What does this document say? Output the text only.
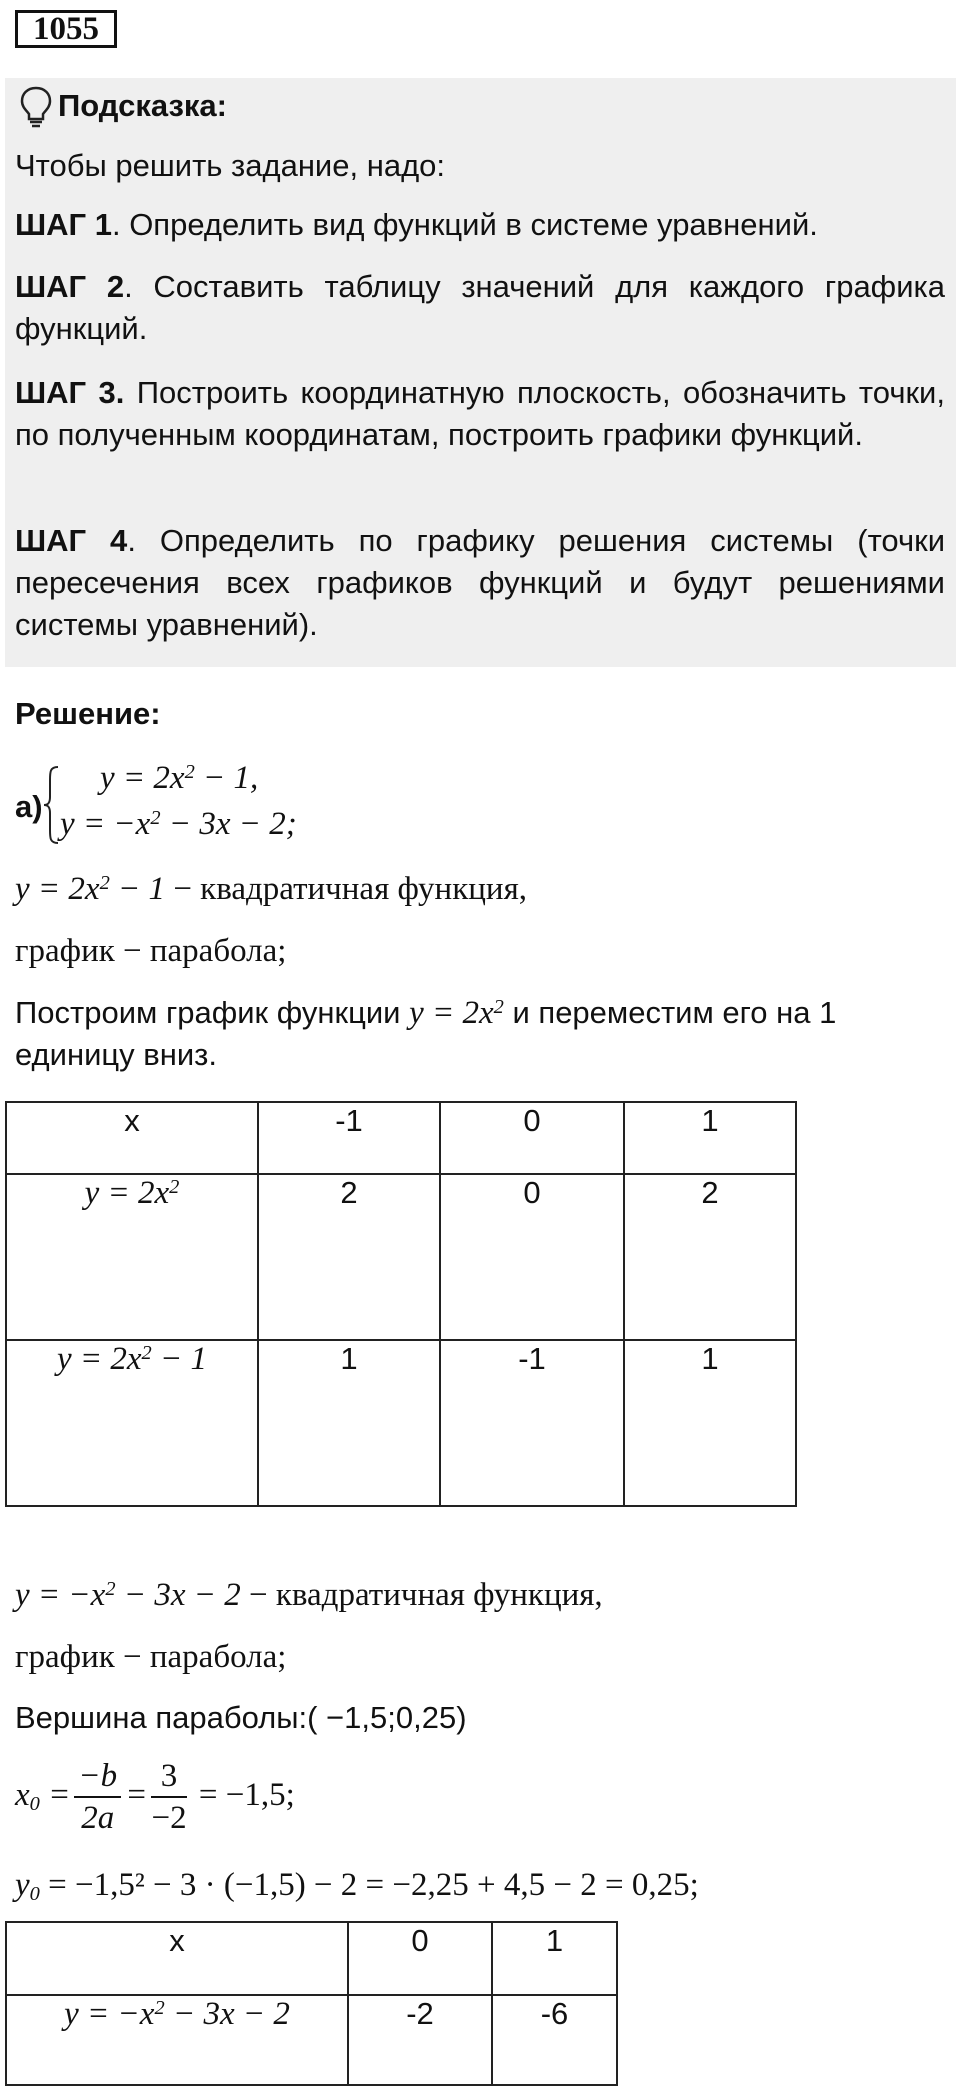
1055
Подсказка:
Чтобы решить задание, надо:
ШАГ 1. Определить вид функций в системе уравнений.
ШАГ 2. Составить таблицу значений для каждого графика функций.
ШАГ 3. Построить координатную плоскость, обозначить точки, по полученным координатам, построить графики функций.
ШАГ 4. Определить по графику решения системы (точки пересечения всех графиков функций и будут решениями системы уравнений).
Решение:
а)
$y = 2x^2 - 1$,
$y = -x^2 - 3x - 2$;
$y = 2x^2 - 1$ − квадратичная функция,
график − парабола;
Построим график функции $y = 2x^2$ и переместим его на 1 единицу вниз.
x	-1	0	1
$y = 2x^2$	2	0	2
$y = 2x^2 - 1$	1	-1	1
$y = -x^2 - 3x - 2$ − квадратичная функция,
график − парабола;
Вершина параболы:( −1,5;0,25)
$x_0 = \frac{-b}{2a} = \frac{3}{-2} = -1,5$;
$y_0 = -1,5^2 - 3 \cdot (-1,5) - 2 = -2,25 + 4,5 - 2 = 0,25$;
x	0	1
$y = -x^2 - 3x - 2$	-2	-6
